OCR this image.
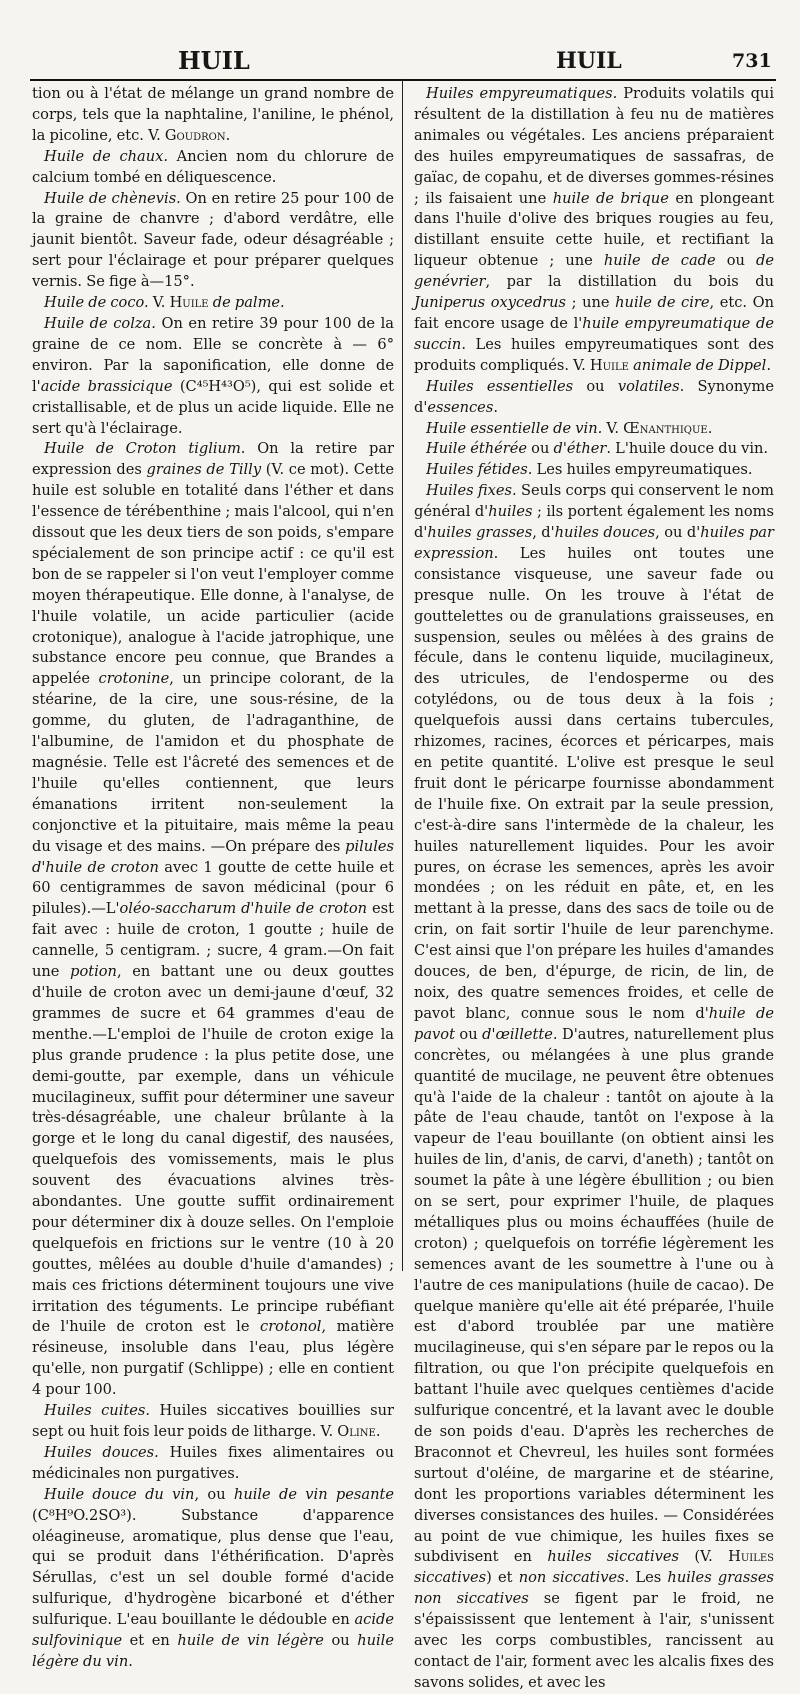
HUIL	HUIL	731

tion ou à l'état de mélange un grand nombre de corps, tels que la naphtaline, l'aniline, le phénol, la picoline, etc. V. Goudron.

Huile de chaux. Ancien nom du chlorure de calcium tombé en déliquescence.

Huile de chènevis. On en retire 25 pour 100 de la graine de chanvre ; d'abord verdâtre, elle jaunit bientôt. Saveur fade, odeur désagréable ; sert pour l'éclairage et pour préparer quelques vernis. Se fige à—15°.

Huile de coco. V. Huile de palme.

Huile de colza. On en retire 39 pour 100 de la graine de ce nom. Elle se concrète à — 6° environ. Par la saponification, elle donne de l'acide brassicique (C⁴⁵H⁴³O⁵), qui est solide et cristallisable, et de plus un acide liquide. Elle ne sert qu'à l'éclairage.

Huile de Croton tiglium. On la retire par expression des graines de Tilly (V. ce mot). Cette huile est soluble en totalité dans l'éther et dans l'essence de térébenthine ; mais l'alcool, qui n'en dissout que les deux tiers de son poids, s'empare spécialement de son principe actif : ce qu'il est bon de se rappeler si l'on veut l'employer comme moyen thérapeutique. Elle donne, à l'analyse, de l'huile volatile, un acide particulier (acide crotonique), analogue à l'acide jatrophique, une substance encore peu connue, que Brandes a appelée crotonine, un principe colorant, de la stéarine, de la cire, une sous-résine, de la gomme, du gluten, de l'adraganthine, de l'albumine, de l'amidon et du phosphate de magnésie. Telle est l'âcreté des semences et de l'huile qu'elles contiennent, que leurs émanations irritent non-seulement la conjonctive et la pituitaire, mais même la peau du visage et des mains. —On prépare des pilules d'huile de croton avec 1 goutte de cette huile et 60 centigrammes de savon médicinal (pour 6 pilules).—L'oléo-saccharum d'huile de croton est fait avec : huile de croton, 1 goutte ; huile de cannelle, 5 centigram. ; sucre, 4 gram.—On fait une potion, en battant une ou deux gouttes d'huile de croton avec un demi-jaune d'œuf, 32 grammes de sucre et 64 grammes d'eau de menthe.—L'emploi de l'huile de croton exige la plus grande prudence : la plus petite dose, une demi-goutte, par exemple, dans un véhicule mucilagineux, suffit pour déterminer une saveur très-désagréable, une chaleur brûlante à la gorge et le long du canal digestif, des nausées, quelquefois des vomissements, mais le plus souvent des évacuations alvines très-abondantes. Une goutte suffit ordinairement pour déterminer dix à douze selles. On l'emploie quelquefois en frictions sur le ventre (10 à 20 gouttes, mêlées au double d'huile d'amandes) ; mais ces frictions déterminent toujours une vive irritation des téguments. Le principe rubéfiant de l'huile de croton est le crotonol, matière résineuse, insoluble dans l'eau, plus légère qu'elle, non purgatif (Schlippe) ; elle en contient 4 pour 100.

Huiles cuites. Huiles siccatives bouillies sur sept ou huit fois leur poids de litharge. V. Oline.

Huiles douces. Huiles fixes alimentaires ou médicinales non purgatives.

Huile douce du vin, ou huile de vin pesante (C⁸H⁹O.2SO³). Substance d'apparence oléagineuse, aromatique, plus dense que l'eau, qui se produit dans l'éthérification. D'après Sérullas, c'est un sel double formé d'acide sulfurique, d'hydrogène bicarboné et d'éther sulfurique. L'eau bouillante le dédouble en acide sulfovinique et en huile de vin légère ou huile légère du vin.

Huiles empyreumatiques. Produits volatils qui résultent de la distillation à feu nu de matières animales ou végétales. Les anciens préparaient des huiles empyreumatiques de sassafras, de gaïac, de copahu, et de diverses gommes-résines ; ils faisaient une huile de brique en plongeant dans l'huile d'olive des briques rougies au feu, distillant ensuite cette huile, et rectifiant la liqueur obtenue ; une huile de cade ou de genévrier, par la distillation du bois du Juniperus oxycedrus ; une huile de cire, etc. On fait encore usage de l'huile empyreumatique de succin. Les huiles empyreumatiques sont des produits compliqués. V. Huile animale de Dippel.

Huiles essentielles ou volatiles. Synonyme d'essences.

Huile essentielle de vin. V. Œnanthique.

Huile éthérée ou d'éther. L'huile douce du vin.

Huiles fétides. Les huiles empyreumatiques.

Huiles fixes. Seuls corps qui conservent le nom général d'huiles ; ils portent également les noms d'huiles grasses, d'huiles douces, ou d'huiles par expression. Les huiles ont toutes une consistance visqueuse, une saveur fade ou presque nulle. On les trouve à l'état de gouttelettes ou de granulations graisseuses, en suspension, seules ou mêlées à des grains de fécule, dans le contenu liquide, mucilagineux, des utricules, de l'endosperme ou des cotylédons, ou de tous deux à la fois ; quelquefois aussi dans certains tubercules, rhizomes, racines, écorces et péricarpes, mais en petite quantité. L'olive est presque le seul fruit dont le péricarpe fournisse abondamment de l'huile fixe. On extrait par la seule pression, c'est-à-dire sans l'intermède de la chaleur, les huiles naturellement liquides. Pour les avoir pures, on écrase les semences, après les avoir mondées ; on les réduit en pâte, et, en les mettant à la presse, dans des sacs de toile ou de crin, on fait sortir l'huile de leur parenchyme. C'est ainsi que l'on prépare les huiles d'amandes douces, de ben, d'épurge, de ricin, de lin, de noix, des quatre semences froides, et celle de pavot blanc, connue sous le nom d'huile de pavot ou d'œillette. D'autres, naturellement plus concrètes, ou mélangées à une plus grande quantité de mucilage, ne peuvent être obtenues qu'à l'aide de la chaleur : tantôt on ajoute à la pâte de l'eau chaude, tantôt on l'expose à la vapeur de l'eau bouillante (on obtient ainsi les huiles de lin, d'anis, de carvi, d'aneth) ; tantôt on soumet la pâte à une légère ébullition ; ou bien on se sert, pour exprimer l'huile, de plaques métalliques plus ou moins échauffées (huile de croton) ; quelquefois on torréfie légèrement les semences avant de les soumettre à l'une ou à l'autre de ces manipulations (huile de cacao). De quelque manière qu'elle ait été préparée, l'huile est d'abord troublée par une matière mucilagineuse, qui s'en sépare par le repos ou la filtration, ou que l'on précipite quelquefois en battant l'huile avec quelques centièmes d'acide sulfurique concentré, et la lavant avec le double de son poids d'eau. D'après les recherches de Braconnot et Chevreul, les huiles sont formées surtout d'oléine, de margarine et de stéarine, dont les proportions variables déterminent les diverses consistances des huiles. — Considérées au point de vue chimique, les huiles fixes se subdivisent en huiles siccatives (V. Huiles siccatives) et non siccatives. Les huiles grasses non siccatives se figent par le froid, ne s'épaississent que lentement à l'air, s'unissent avec les corps combustibles, rancissent au contact de l'air, forment avec les alcalis fixes des savons solides, et avec les
